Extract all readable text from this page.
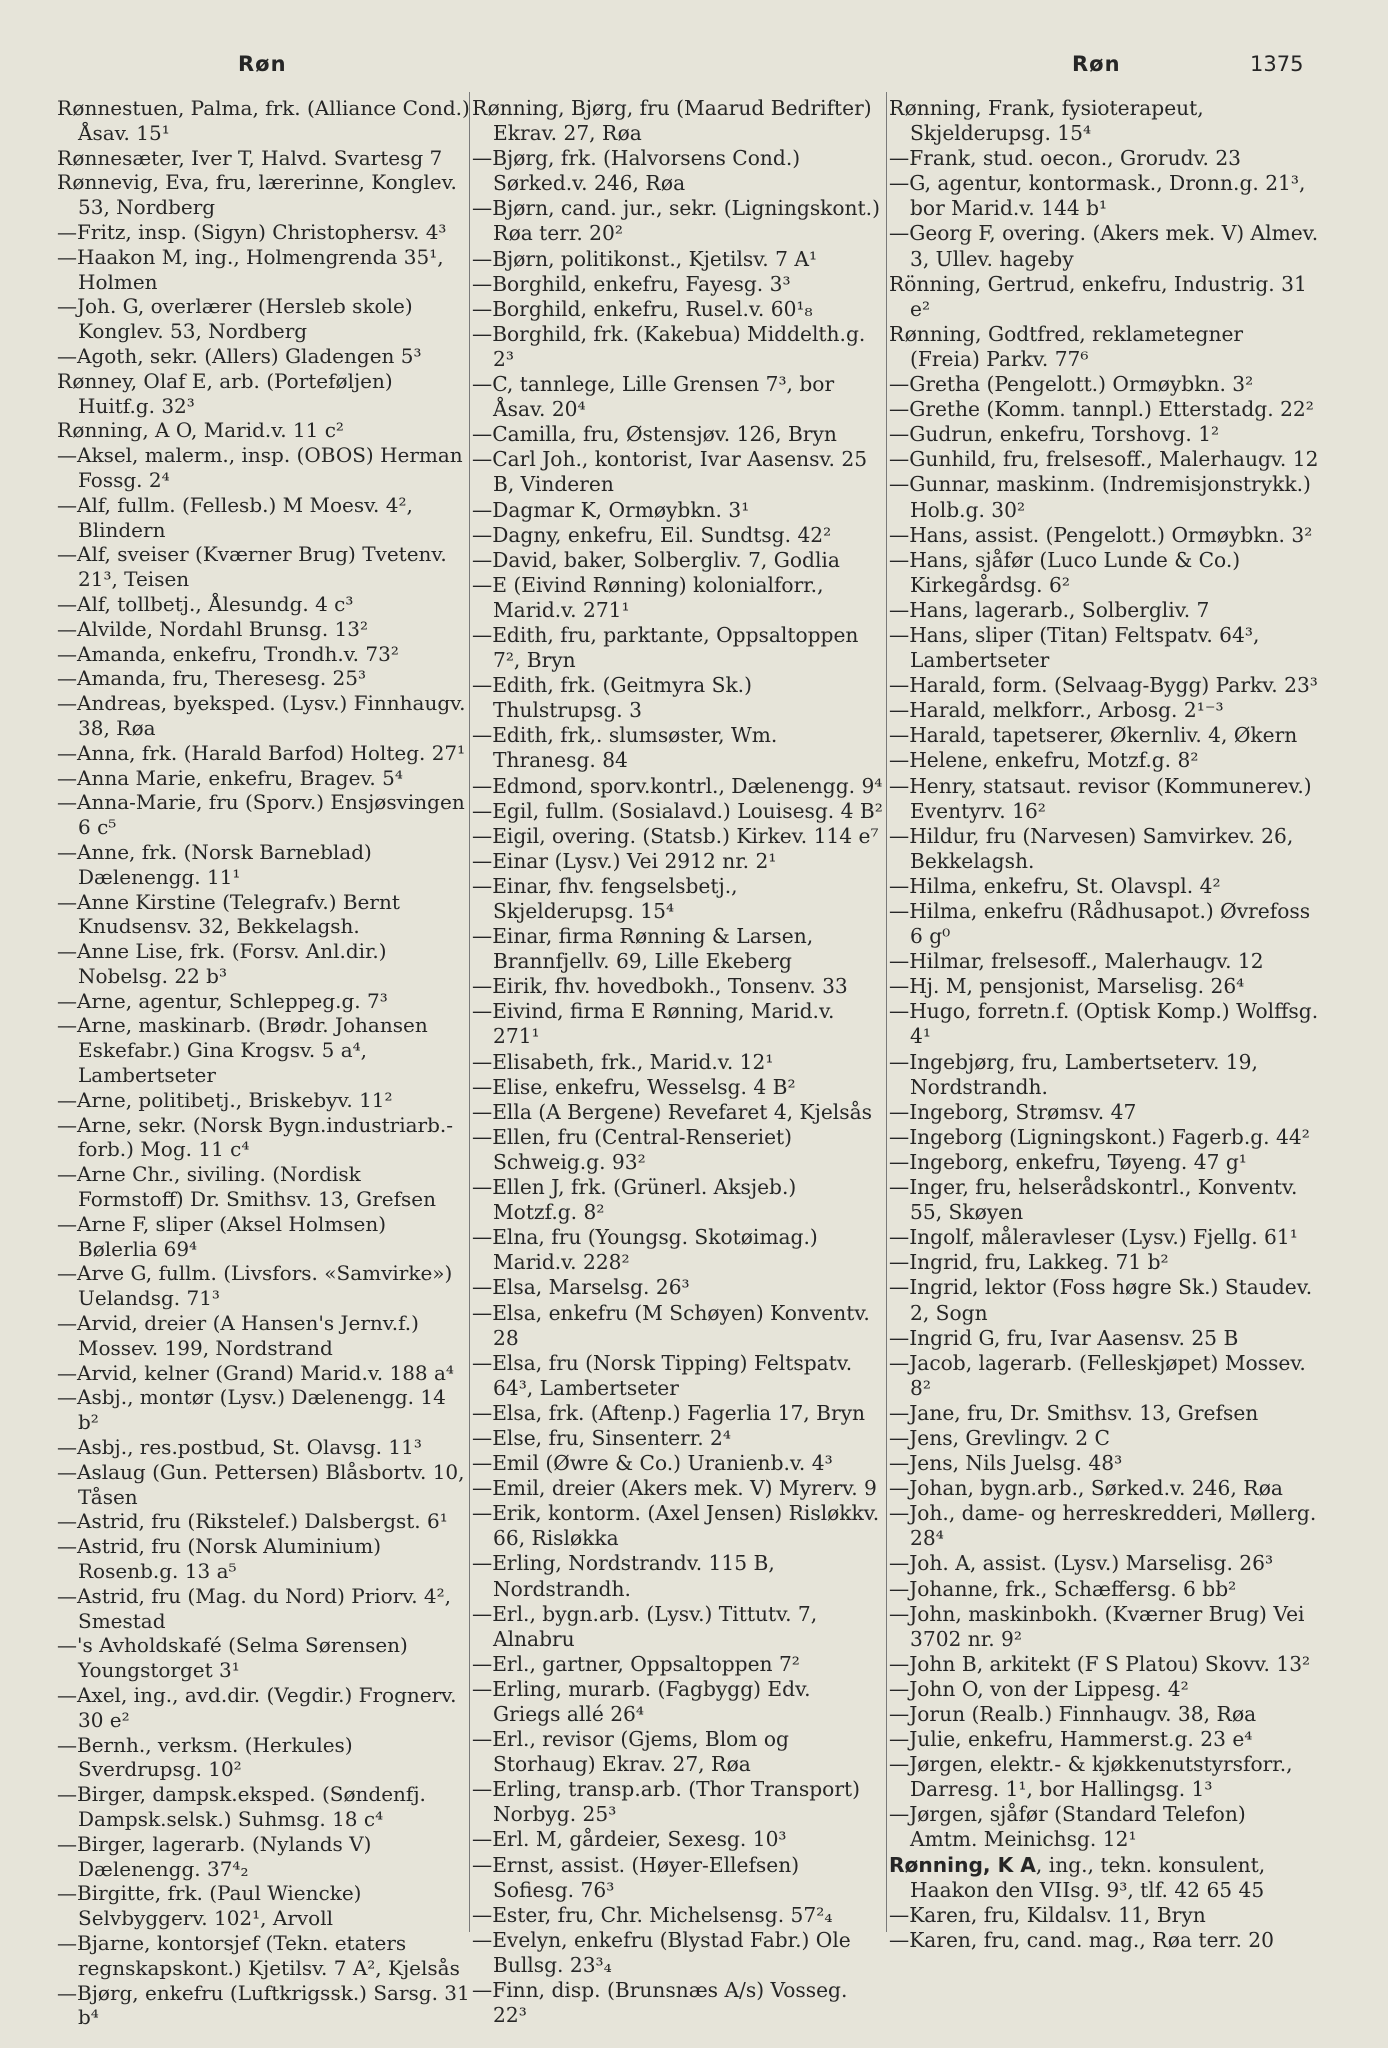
Røn	Røn	1375

Rønnestuen, Palma, frk. (Alliance Cond.) Åsav. 15¹

Rønnesæter, Iver T, Halvd. Svartesg 7

Rønnevig, Eva, fru, lærerinne, Konglev. 53, Nordberg

—Fritz, insp. (Sigyn) Christophersv. 4³

—Haakon M, ing., Holmengrenda 35¹, Holmen

—Joh. G, overlærer (Hersleb skole) Konglev. 53, Nordberg

—Agoth, sekr. (Allers) Gladengen 5³

Rønney, Olaf E, arb. (Porteføljen) Huitf.g. 32³

Rønning, A O, Marid.v. 11 c²

—Aksel, malerm., insp. (OBOS) Herman Fossg. 2⁴

—Alf, fullm. (Fellesb.) M Moesv. 4², Blindern

—Alf, sveiser (Kværner Brug) Tvetenv. 21³, Teisen

—Alf, tollbetj., Ålesundg. 4 c³

—Alvilde, Nordahl Brunsg. 13²

—Amanda, enkefru, Trondh.v. 73²

—Amanda, fru, Theresesg. 25³

—Andreas, byeksped. (Lysv.) Finnhaugv. 38, Røa

—Anna, frk. (Harald Barfod) Holteg. 27¹

—Anna Marie, enkefru, Bragev. 5⁴

—Anna-Marie, fru (Sporv.) Ensjøsvingen 6 c⁵

—Anne, frk. (Norsk Barneblad) Dælenengg. 11¹

—Anne Kirstine (Telegrafv.) Bernt Knudsensv. 32, Bekkelagsh.

—Anne Lise, frk. (Forsv. Anl.dir.) Nobelsg. 22 b³

—Arne, agentur, Schleppeg.g. 7³

—Arne, maskinarb. (Brødr. Johansen Eskefabr.) Gina Krogsv. 5 a⁴, Lambertseter

—Arne, politibetj., Briskebyv. 11²

—Arne, sekr. (Norsk Bygn.industriarb.-forb.) Mog. 11 c⁴

—Arne Chr., siviling. (Nordisk Formstoff) Dr. Smithsv. 13, Grefsen

—Arne F, sliper (Aksel Holmsen) Bølerlia 69⁴

—Arve G, fullm. (Livsfors. «Samvirke») Uelandsg. 71³

—Arvid, dreier (A Hansen's Jernv.f.) Mossev. 199, Nordstrand

—Arvid, kelner (Grand) Marid.v. 188 a⁴

—Asbj., montør (Lysv.) Dælenengg. 14 b²

—Asbj., res.postbud, St. Olavsg. 11³

—Aslaug (Gun. Pettersen) Blåsbortv. 10, Tåsen

—Astrid, fru (Rikstelef.) Dalsbergst. 6¹

—Astrid, fru (Norsk Aluminium) Rosenb.g. 13 a⁵

—Astrid, fru (Mag. du Nord) Priorv. 4², Smestad

—'s Avholdskafé (Selma Sørensen) Youngstorget 3¹

—Axel, ing., avd.dir. (Vegdir.) Frognerv. 30 e²

—Bernh., verksm. (Herkules) Sverdrupsg. 10²

—Birger, dampsk.eksped. (Søndenfj. Dampsk.selsk.) Suhmsg. 18 c⁴

—Birger, lagerarb. (Nylands V) Dælenengg. 37⁴₂

—Birgitte, frk. (Paul Wiencke) Selvbyggerv. 102¹, Arvoll

—Bjarne, kontorsjef (Tekn. etaters regnskapskont.) Kjetilsv. 7 A², Kjelsås

—Bjørg, enkefru (Luftkrigssk.) Sarsg. 31 b⁴

Rønning, Bjørg, fru (Maarud Bedrifter) Ekrav. 27, Røa

—Bjørg, frk. (Halvorsens Cond.) Sørked.v. 246, Røa

—Bjørn, cand. jur., sekr. (Ligningskont.) Røa terr. 20²

—Bjørn, politikonst., Kjetilsv. 7 A¹

—Borghild, enkefru, Fayesg. 3³

—Borghild, enkefru, Rusel.v. 60¹₈

—Borghild, frk. (Kakebua) Middelth.g. 2³

—C, tannlege, Lille Grensen 7³, bor Åsav. 20⁴

—Camilla, fru, Østensjøv. 126, Bryn

—Carl Joh., kontorist, Ivar Aasensv. 25 B, Vinderen

—Dagmar K, Ormøybkn. 3¹

—Dagny, enkefru, Eil. Sundtsg. 42²

—David, baker, Solbergliv. 7, Godlia

—E (Eivind Rønning) kolonialforr., Marid.v. 271¹

—Edith, fru, parktante, Oppsaltoppen 7², Bryn

—Edith, frk. (Geitmyra Sk.) Thulstrupsg. 3

—Edith, frk,. slumsøster, Wm. Thranesg. 84

—Edmond, sporv.kontrl., Dælenengg. 9⁴

—Egil, fullm. (Sosialavd.) Louisesg. 4 B²

—Eigil, overing. (Statsb.) Kirkev. 114 e⁷

—Einar (Lysv.) Vei 2912 nr. 2¹

—Einar, fhv. fengselsbetj., Skjelderupsg. 15⁴

—Einar, firma Rønning & Larsen, Brannfjellv. 69, Lille Ekeberg

—Eirik, fhv. hovedbokh., Tonsenv. 33

—Eivind, firma E Rønning, Marid.v. 271¹

—Elisabeth, frk., Marid.v. 12¹

—Elise, enkefru, Wesselsg. 4 B²

—Ella (A Bergene) Revefaret 4, Kjelsås

—Ellen, fru (Central-Renseriet) Schweig.g. 93²

—Ellen J, frk. (Grünerl. Aksjeb.) Motzf.g. 8²

—Elna, fru (Youngsg. Skotøimag.) Marid.v. 228²

—Elsa, Marselsg. 26³

—Elsa, enkefru (M Schøyen) Konventv. 28

—Elsa, fru (Norsk Tipping) Feltspatv. 64³, Lambertseter

—Elsa, frk. (Aftenp.) Fagerlia 17, Bryn

—Else, fru, Sinsenterr. 2⁴

—Emil (Øwre & Co.) Uranienb.v. 4³

—Emil, dreier (Akers mek. V) Myrerv. 9

—Erik, kontorm. (Axel Jensen) Risløkkv. 66, Risløkka

—Erling, Nordstrandv. 115 B, Nordstrandh.

—Erl., bygn.arb. (Lysv.) Tittutv. 7, Alnabru

—Erl., gartner, Oppsaltoppen 7²

—Erling, murarb. (Fagbygg) Edv. Griegs allé 26⁴

—Erl., revisor (Gjems, Blom og Storhaug) Ekrav. 27, Røa

—Erling, transp.arb. (Thor Transport) Norbyg. 25³

—Erl. M, gårdeier, Sexesg. 10³

—Ernst, assist. (Høyer-Ellefsen) Sofiesg. 76³

—Ester, fru, Chr. Michelsensg. 57²₄

—Evelyn, enkefru (Blystad Fabr.) Ole Bullsg. 23³₄

—Finn, disp. (Brunsnæs A/s) Vosseg. 22³

Rønning, Frank, fysioterapeut, Skjelderupsg. 15⁴

—Frank, stud. oecon., Grorudv. 23

—G, agentur, kontormask., Dronn.g. 21³, bor Marid.v. 144 b¹

—Georg F, overing. (Akers mek. V) Almev. 3, Ullev. hageby

Rönning, Gertrud, enkefru, Industrig. 31 e²

Rønning, Godtfred, reklametegner (Freia) Parkv. 77⁶

—Gretha (Pengelott.) Ormøybkn. 3²

—Grethe (Komm. tannpl.) Etterstadg. 22²

—Gudrun, enkefru, Torshovg. 1²

—Gunhild, fru, frelsesoff., Malerhaugv. 12

—Gunnar, maskinm. (Indremisjonstrykk.) Holb.g. 30²

—Hans, assist. (Pengelott.) Ormøybkn. 3²

—Hans, sjåfør (Luco Lunde & Co.) Kirkegårdsg. 6²

—Hans, lagerarb., Solbergliv. 7

—Hans, sliper (Titan) Feltspatv. 64³, Lambertseter

—Harald, form. (Selvaag-Bygg) Parkv. 23³

—Harald, melkforr., Arbosg. 2¹⁻³

—Harald, tapetserer, Økernliv. 4, Økern

—Helene, enkefru, Motzf.g. 8²

—Henry, statsaut. revisor (Kommunerev.) Eventyrv. 16²

—Hildur, fru (Narvesen) Samvirkev. 26, Bekkelagsh.

—Hilma, enkefru, St. Olavspl. 4²

—Hilma, enkefru (Rådhusapot.) Øvrefoss 6 g⁰

—Hilmar, frelsesoff., Malerhaugv. 12

—Hj. M, pensjonist, Marselisg. 26⁴

—Hugo, forretn.f. (Optisk Komp.) Wolffsg. 4¹

—Ingebjørg, fru, Lambertseterv. 19, Nordstrandh.

—Ingeborg, Strømsv. 47

—Ingeborg (Ligningskont.) Fagerb.g. 44²

—Ingeborg, enkefru, Tøyeng. 47 g¹

—Inger, fru, helserådskontrl., Konventv. 55, Skøyen

—Ingolf, måleravleser (Lysv.) Fjellg. 61¹

—Ingrid, fru, Lakkeg. 71 b²

—Ingrid, lektor (Foss høgre Sk.) Staudev. 2, Sogn

—Ingrid G, fru, Ivar Aasensv. 25 B

—Jacob, lagerarb. (Felleskjøpet) Mossev. 8²

—Jane, fru, Dr. Smithsv. 13, Grefsen

—Jens, Grevlingv. 2 C

—Jens, Nils Juelsg. 48³

—Johan, bygn.arb., Sørked.v. 246, Røa

—Joh., dame- og herreskredderi, Møllerg. 28⁴

—Joh. A, assist. (Lysv.) Marselisg. 26³

—Johanne, frk., Schæffersg. 6 bb²

—John, maskinbokh. (Kværner Brug) Vei 3702 nr. 9²

—John B, arkitekt (F S Platou) Skovv. 13²

—John O, von der Lippesg. 4²

—Jorun (Realb.) Finnhaugv. 38, Røa

—Julie, enkefru, Hammerst.g. 23 e⁴

—Jørgen, elektr.- & kjøkkenutstyrsforr., Darresg. 1¹, bor Hallingsg. 1³

—Jørgen, sjåfør (Standard Telefon) Amtm. Meinichsg. 12¹

Rønning, K A, ing., tekn. konsulent, Haakon den VIIsg. 9³, tlf. 42 65 45

—Karen, fru, Kildalsv. 11, Bryn

—Karen, fru, cand. mag., Røa terr. 20
